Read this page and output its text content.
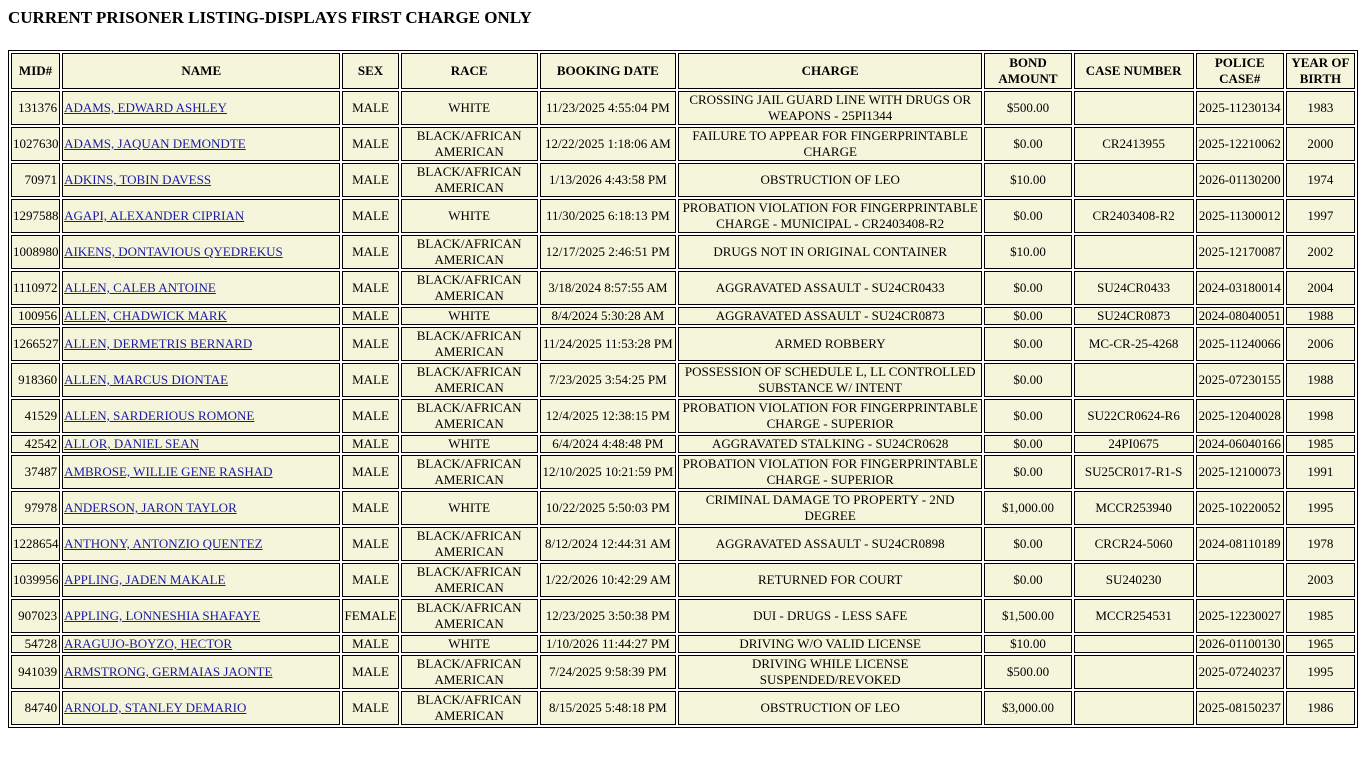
CURRENT PRISONER LISTING-DISPLAYS FIRST CHARGE ONLY
MID#	NAME	SEX	RACE	BOOKING DATE	CHARGE	BOND AMOUNT	CASE NUMBER	POLICE CASE#	YEAR OF BIRTH
131376	ADAMS, EDWARD ASHLEY	MALE	WHITE	11/23/2025 4:55:04 PM	CROSSING JAIL GUARD LINE WITH DRUGS OR WEAPONS - 25PI1344	$500.00		2025-11230134	1983
1027630	ADAMS, JAQUAN DEMONDTE	MALE	BLACK/AFRICAN AMERICAN	12/22/2025 1:18:06 AM	FAILURE TO APPEAR FOR FINGERPRINTABLE CHARGE	$0.00	CR2413955	2025-12210062	2000
70971	ADKINS, TOBIN DAVESS	MALE	BLACK/AFRICAN AMERICAN	1/13/2026 4:43:58 PM	OBSTRUCTION OF LEO	$10.00		2026-01130200	1974
1297588	AGAPI, ALEXANDER CIPRIAN	MALE	WHITE	11/30/2025 6:18:13 PM	PROBATION VIOLATION FOR FINGERPRINTABLE CHARGE - MUNICIPAL - CR2403408-R2	$0.00	CR2403408-R2	2025-11300012	1997
1008980	AIKENS, DONTAVIOUS QYEDREKUS	MALE	BLACK/AFRICAN AMERICAN	12/17/2025 2:46:51 PM	DRUGS NOT IN ORIGINAL CONTAINER	$10.00		2025-12170087	2002
1110972	ALLEN, CALEB ANTOINE	MALE	BLACK/AFRICAN AMERICAN	3/18/2024 8:57:55 AM	AGGRAVATED ASSAULT - SU24CR0433	$0.00	SU24CR0433	2024-03180014	2004
100956	ALLEN, CHADWICK MARK	MALE	WHITE	8/4/2024 5:30:28 AM	AGGRAVATED ASSAULT - SU24CR0873	$0.00	SU24CR0873	2024-08040051	1988
1266527	ALLEN, DERMETRIS BERNARD	MALE	BLACK/AFRICAN AMERICAN	11/24/2025 11:53:28 PM	ARMED ROBBERY	$0.00	MC-CR-25-4268	2025-11240066	2006
918360	ALLEN, MARCUS DIONTAE	MALE	BLACK/AFRICAN AMERICAN	7/23/2025 3:54:25 PM	POSSESSION OF SCHEDULE L, LL CONTROLLED SUBSTANCE W/ INTENT	$0.00		2025-07230155	1988
41529	ALLEN, SARDERIOUS ROMONE	MALE	BLACK/AFRICAN AMERICAN	12/4/2025 12:38:15 PM	PROBATION VIOLATION FOR FINGERPRINTABLE CHARGE - SUPERIOR	$0.00	SU22CR0624-R6	2025-12040028	1998
42542	ALLOR, DANIEL SEAN	MALE	WHITE	6/4/2024 4:48:48 PM	AGGRAVATED STALKING - SU24CR0628	$0.00	24PI0675	2024-06040166	1985
37487	AMBROSE, WILLIE GENE RASHAD	MALE	BLACK/AFRICAN AMERICAN	12/10/2025 10:21:59 PM	PROBATION VIOLATION FOR FINGERPRINTABLE CHARGE - SUPERIOR	$0.00	SU25CR017-R1-S	2025-12100073	1991
97978	ANDERSON, JARON TAYLOR	MALE	WHITE	10/22/2025 5:50:03 PM	CRIMINAL DAMAGE TO PROPERTY - 2ND DEGREE	$1,000.00	MCCR253940	2025-10220052	1995
1228654	ANTHONY, ANTONZIO QUENTEZ	MALE	BLACK/AFRICAN AMERICAN	8/12/2024 12:44:31 AM	AGGRAVATED ASSAULT - SU24CR0898	$0.00	CRCR24-5060	2024-08110189	1978
1039956	APPLING, JADEN MAKALE	MALE	BLACK/AFRICAN AMERICAN	1/22/2026 10:42:29 AM	RETURNED FOR COURT	$0.00	SU240230		2003
907023	APPLING, LONNESHIA SHAFAYE	FEMALE	BLACK/AFRICAN AMERICAN	12/23/2025 3:50:38 PM	DUI - DRUGS - LESS SAFE	$1,500.00	MCCR254531	2025-12230027	1985
54728	ARAGUJO-BOYZO, HECTOR	MALE	WHITE	1/10/2026 11:44:27 PM	DRIVING W/O VALID LICENSE	$10.00		2026-01100130	1965
941039	ARMSTRONG, GERMAIAS JAONTE	MALE	BLACK/AFRICAN AMERICAN	7/24/2025 9:58:39 PM	DRIVING WHILE LICENSE SUSPENDED/REVOKED	$500.00		2025-07240237	1995
84740	ARNOLD, STANLEY DEMARIO	MALE	BLACK/AFRICAN AMERICAN	8/15/2025 5:48:18 PM	OBSTRUCTION OF LEO	$3,000.00		2025-08150237	1986
